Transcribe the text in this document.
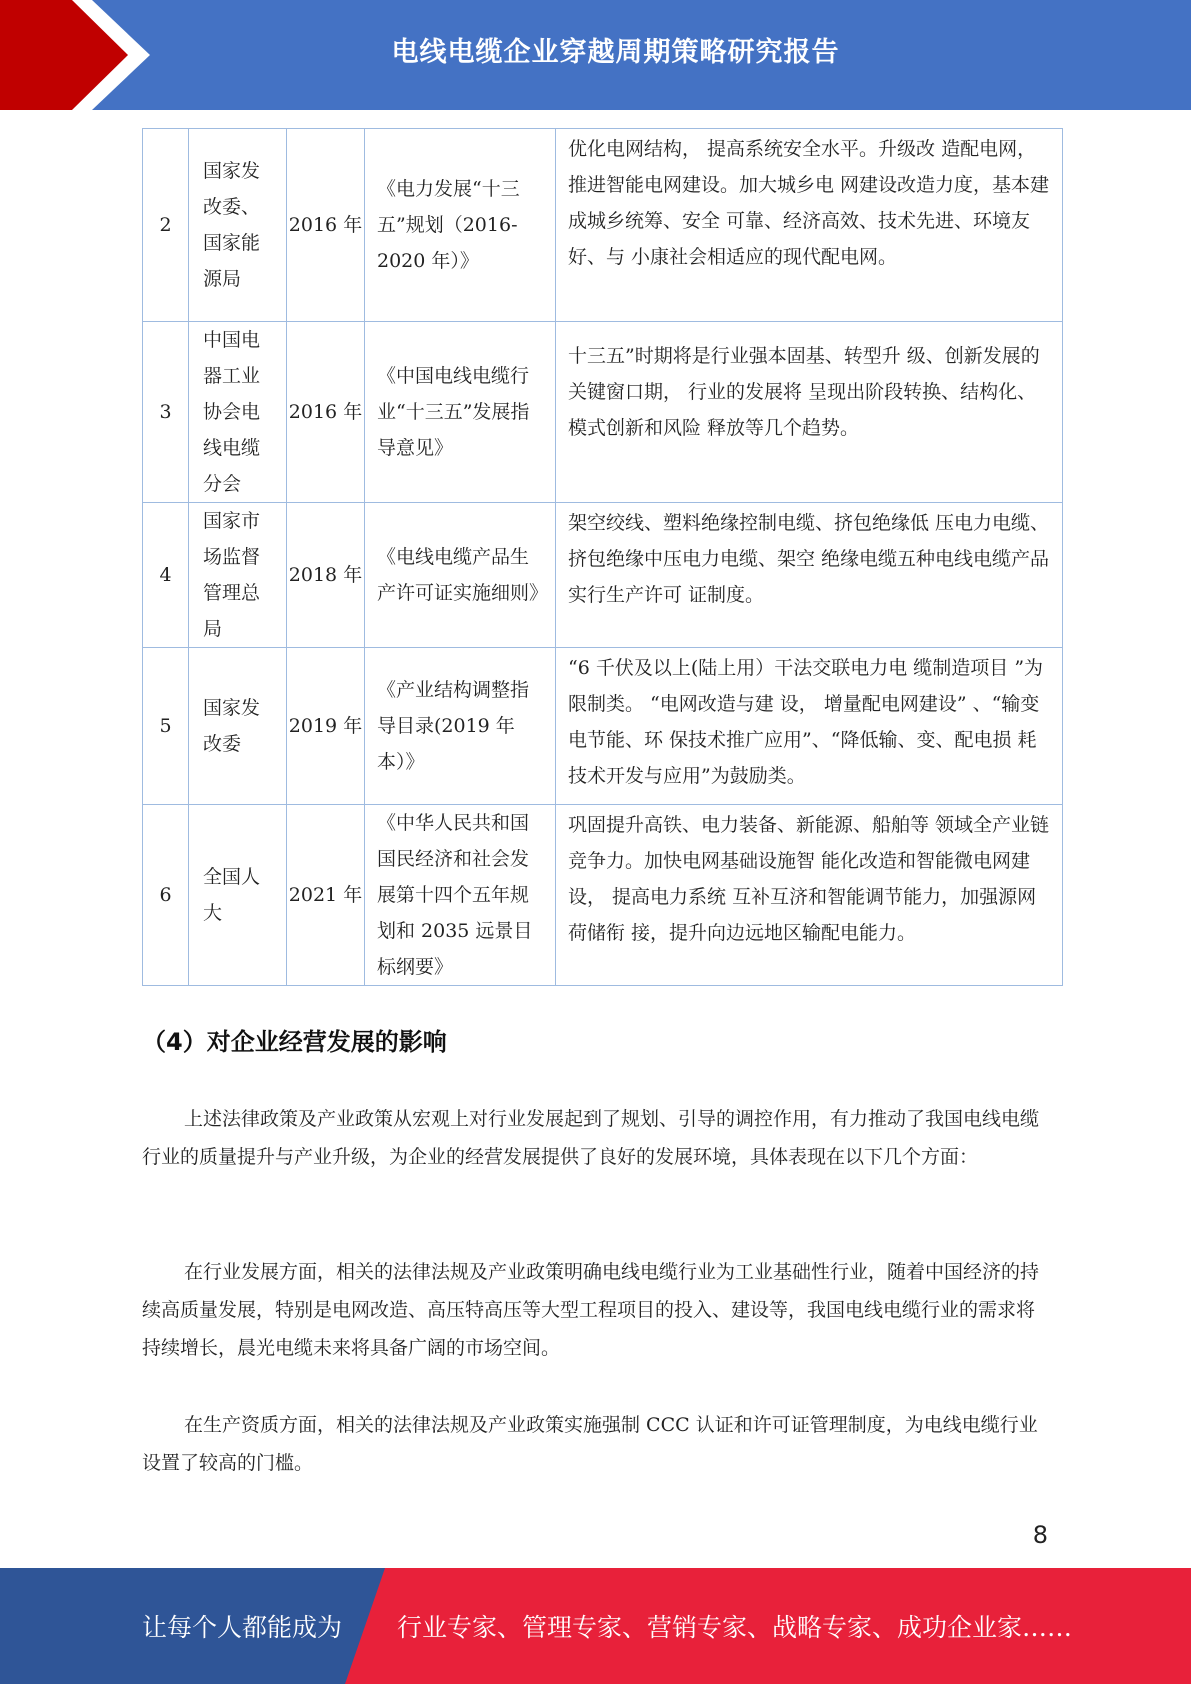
电线电缆企业穿越周期策略研究报告
2	国家发改委、国家能源局	2016 年	《电力发展“十三五”规划（2016-2020 年）》	优化电网结构， 提高系统安全水平。升级改 造配电网， 推进智能电网建设。加大城乡电 网建设改造力度，基本建成城乡统筹、安全 可靠、经济高效、技术先进、环境友好、与 小康社会相适应的现代配电网。
3	中国电器工业协会电线电缆分会	2016 年	《中国电线电缆行业“十三五”发展指导意见》	十三五”时期将是行业强本固基、转型升 级、创新发展的关键窗口期， 行业的发展将 呈现出阶段转换、结构化、模式创新和风险 释放等几个趋势。
4	国家市场监督管理总局	2018 年	《电线电缆产品生产许可证实施细则》	架空绞线、塑料绝缘控制电缆、挤包绝缘低 压电力电缆、挤包绝缘中压电力电缆、架空 绝缘电缆五种电线电缆产品实行生产许可 证制度。
5	国家发改委	2019 年	《产业结构调整指导目录(2019 年本）》	“6 千伏及以上(陆上用）干法交联电力电 缆制造项目 ”为限制类。 “电网改造与建 设， 增量配电网建设” 、“输变电节能、环 保技术推广应用”、“降低输、变、配电损 耗技术开发与应用”为鼓励类。
6	全国人大	2021 年	《中华人民共和国国民经济和社会发展第十四个五年规划和 2035 远景目标纲要》	巩固提升高铁、电力装备、新能源、船舶等 领域全产业链竞争力。加快电网基础设施智 能化改造和智能微电网建设， 提高电力系统 互补互济和智能调节能力，加强源网荷储衔 接，提升向边远地区输配电能力。
（4）对企业经营发展的影响

上述法律政策及产业政策从宏观上对行业发展起到了规划、引导的调控作用，有力推动了我国电线电缆行业的质量提升与产业升级，为企业的经营发展提供了良好的发展环境，具体表现在以下几个方面：

在行业发展方面，相关的法律法规及产业政策明确电线电缆行业为工业基础性行业，随着中国经济的持续高质量发展，特别是电网改造、高压特高压等大型工程项目的投入、建设等，我国电线电缆行业的需求将持续增长，晨光电缆未来将具备广阔的市场空间。

在生产资质方面，相关的法律法规及产业政策实施强制 CCC 认证和许可证管理制度，为电线电缆行业设置了较高的门槛。

8
让每个人都能成为 行业专家、管理专家、营销专家、战略专家、成功企业家……
